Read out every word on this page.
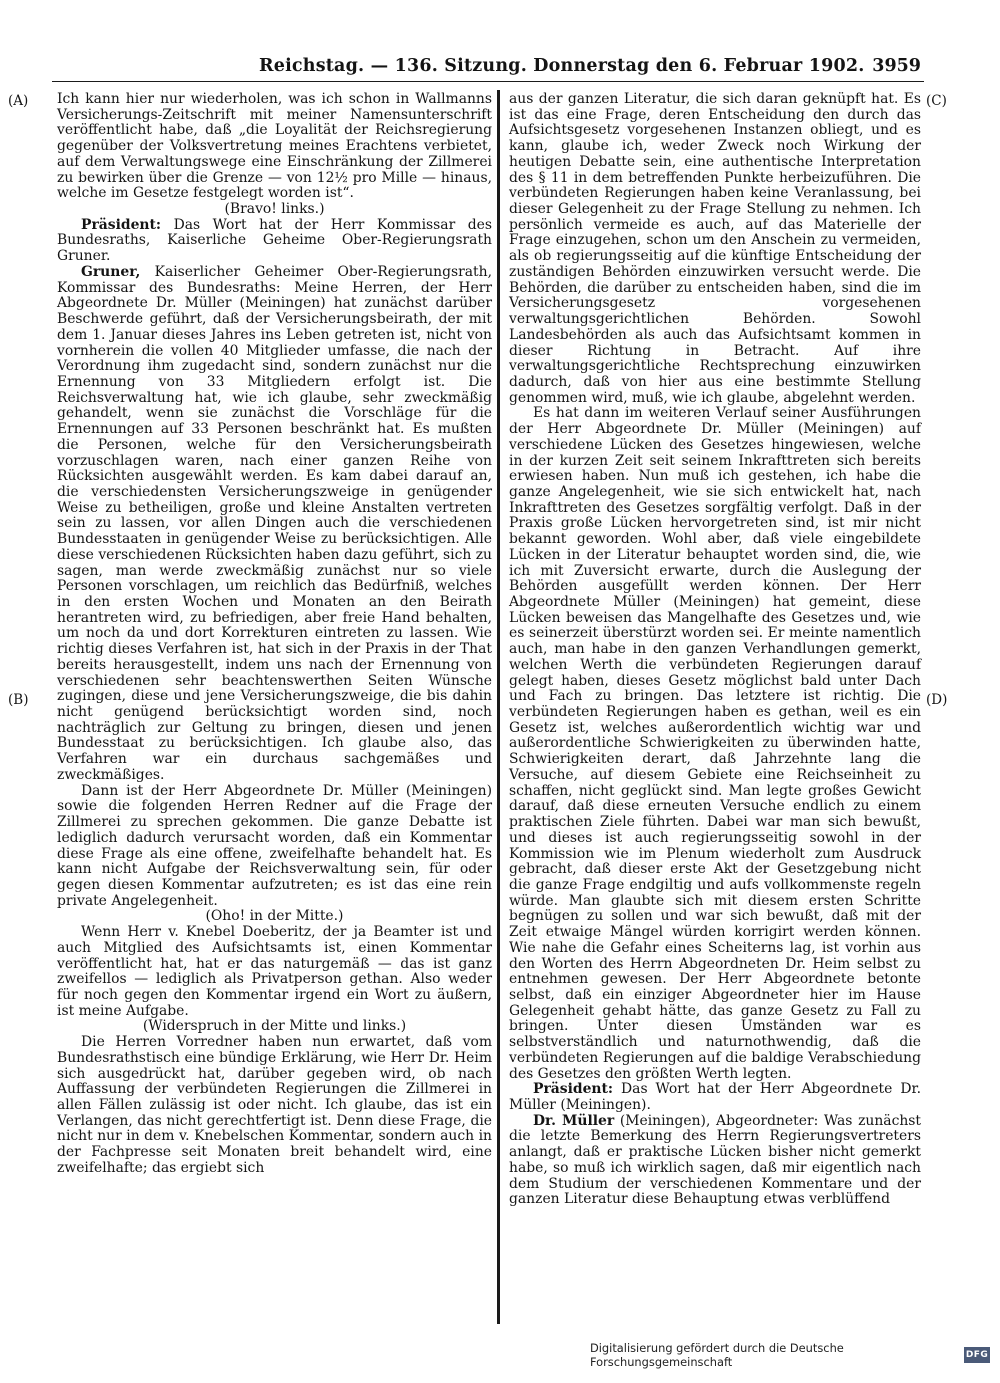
Reichstag. — 136. Sitzung. Donnerstag den 6. Februar 1902. 3959
(A)
(B)
(C)
(D)

Ich kann hier nur wiederholen, was ich schon in Wallmanns Versicherungs-Zeitschrift mit meiner Namensunterschrift veröffentlicht habe, daß „die Loyalität der Reichsregierung gegenüber der Volksvertretung meines Erachtens verbietet, auf dem Verwaltungswege eine Einschränkung der Zillmerei zu bewirken über die Grenze — von 12½ pro Mille — hinaus, welche im Gesetze festgelegt worden ist“.

(Bravo! links.)

Präsident: Das Wort hat der Herr Kommissar des Bundesraths, Kaiserliche Geheime Ober-Regierungsrath Gruner.

Gruner, Kaiserlicher Geheimer Ober-Regierungsrath, Kommissar des Bundesraths: Meine Herren, der Herr Abgeordnete Dr. Müller (Meiningen) hat zunächst darüber Beschwerde geführt, daß der Versicherungsbeirath, der mit dem 1. Januar dieses Jahres ins Leben getreten ist, nicht von vornherein die vollen 40 Mitglieder umfasse, die nach der Verordnung ihm zugedacht sind, sondern zunächst nur die Ernennung von 33 Mitgliedern erfolgt ist. Die Reichsverwaltung hat, wie ich glaube, sehr zweckmäßig gehandelt, wenn sie zunächst die Vorschläge für die Ernennungen auf 33 Personen beschränkt hat. Es mußten die Personen, welche für den Versicherungsbeirath vorzuschlagen waren, nach einer ganzen Reihe von Rücksichten ausgewählt werden. Es kam dabei darauf an, die verschiedensten Versicherungszweige in genügender Weise zu betheiligen, große und kleine Anstalten vertreten sein zu lassen, vor allen Dingen auch die verschiedenen Bundesstaaten in genügender Weise zu berücksichtigen. Alle diese verschiedenen Rücksichten haben dazu geführt, sich zu sagen, man werde zweckmäßig zunächst nur so viele Personen vorschlagen, um reichlich das Bedürfniß, welches in den ersten Wochen und Monaten an den Beirath herantreten wird, zu befriedigen, aber freie Hand behalten, um noch da und dort Korrekturen eintreten zu lassen. Wie richtig dieses Verfahren ist, hat sich in der Praxis in der That bereits herausgestellt, indem uns nach der Ernennung von verschiedenen sehr beachtenswerthen Seiten Wünsche zugingen, diese und jene Versicherungszweige, die bis dahin nicht genügend berücksichtigt worden sind, noch nachträglich zur Geltung zu bringen, diesen und jenen Bundesstaat zu berücksichtigen. Ich glaube also, das Verfahren war ein durchaus sachgemäßes und zweckmäßiges.

Dann ist der Herr Abgeordnete Dr. Müller (Meiningen) sowie die folgenden Herren Redner auf die Frage der Zillmerei zu sprechen gekommen. Die ganze Debatte ist lediglich dadurch verursacht worden, daß ein Kommentar diese Frage als eine offene, zweifelhafte behandelt hat. Es kann nicht Aufgabe der Reichsverwaltung sein, für oder gegen diesen Kommentar aufzutreten; es ist das eine rein private Angelegenheit.

(Oho! in der Mitte.)

Wenn Herr v. Knebel Doeberitz, der ja Beamter ist und auch Mitglied des Aufsichtsamts ist, einen Kommentar veröffentlicht hat, hat er das naturgemäß — das ist ganz zweifellos — lediglich als Privatperson gethan. Also weder für noch gegen den Kommentar irgend ein Wort zu äußern, ist meine Aufgabe.

(Widerspruch in der Mitte und links.)

Die Herren Vorredner haben nun erwartet, daß vom Bundesrathstisch eine bündige Erklärung, wie Herr Dr. Heim sich ausgedrückt hat, darüber gegeben wird, ob nach Auffassung der verbündeten Regierungen die Zillmerei in allen Fällen zulässig ist oder nicht. Ich glaube, das ist ein Verlangen, das nicht gerechtfertigt ist. Denn diese Frage, die nicht nur in dem v. Knebelschen Kommentar, sondern auch in der Fachpresse seit Monaten breit behandelt wird, eine zweifelhafte; das ergiebt sich

aus der ganzen Literatur, die sich daran geknüpft hat. Es ist das eine Frage, deren Entscheidung den durch das Aufsichtsgesetz vorgesehenen Instanzen obliegt, und es kann, glaube ich, weder Zweck noch Wirkung der heutigen Debatte sein, eine authentische Interpretation des § 11 in dem betreffenden Punkte herbeizuführen. Die verbündeten Regierungen haben keine Veranlassung, bei dieser Gelegenheit zu der Frage Stellung zu nehmen. Ich persönlich vermeide es auch, auf das Materielle der Frage einzugehen, schon um den Anschein zu vermeiden, als ob regierungsseitig auf die künftige Entscheidung der zuständigen Behörden einzuwirken versucht werde. Die Behörden, die darüber zu entscheiden haben, sind die im Versicherungsgesetz vorgesehenen verwaltungsgerichtlichen Behörden. Sowohl Landesbehörden als auch das Aufsichtsamt kommen in dieser Richtung in Betracht. Auf ihre verwaltungsgerichtliche Rechtsprechung einzuwirken dadurch, daß von hier aus eine bestimmte Stellung genommen wird, muß, wie ich glaube, abgelehnt werden.

Es hat dann im weiteren Verlauf seiner Ausführungen der Herr Abgeordnete Dr. Müller (Meiningen) auf verschiedene Lücken des Gesetzes hingewiesen, welche in der kurzen Zeit seit seinem Inkrafttreten sich bereits erwiesen haben. Nun muß ich gestehen, ich habe die ganze Angelegenheit, wie sie sich entwickelt hat, nach Inkrafttreten des Gesetzes sorgfältig verfolgt. Daß in der Praxis große Lücken hervorgetreten sind, ist mir nicht bekannt geworden. Wohl aber, daß viele eingebildete Lücken in der Literatur behauptet worden sind, die, wie ich mit Zuversicht erwarte, durch die Auslegung der Behörden ausgefüllt werden können. Der Herr Abgeordnete Müller (Meiningen) hat gemeint, diese Lücken beweisen das Mangelhafte des Gesetzes und, wie es seinerzeit überstürzt worden sei. Er meinte namentlich auch, man habe in den ganzen Verhandlungen gemerkt, welchen Werth die verbündeten Regierungen darauf gelegt haben, dieses Gesetz möglichst bald unter Dach und Fach zu bringen. Das letztere ist richtig. Die verbündeten Regierungen haben es gethan, weil es ein Gesetz ist, welches außerordentlich wichtig war und außerordentliche Schwierigkeiten zu überwinden hatte, Schwierigkeiten derart, daß Jahrzehnte lang die Versuche, auf diesem Gebiete eine Reichseinheit zu schaffen, nicht geglückt sind. Man legte großes Gewicht darauf, daß diese erneuten Versuche endlich zu einem praktischen Ziele führten. Dabei war man sich bewußt, und dieses ist auch regierungsseitig sowohl in der Kommission wie im Plenum wiederholt zum Ausdruck gebracht, daß dieser erste Akt der Gesetzgebung nicht die ganze Frage endgiltig und aufs vollkommenste regeln würde. Man glaubte sich mit diesem ersten Schritte begnügen zu sollen und war sich bewußt, daß mit der Zeit etwaige Mängel würden korrigirt werden können. Wie nahe die Gefahr eines Scheiterns lag, ist vorhin aus den Worten des Herrn Abgeordneten Dr. Heim selbst zu entnehmen gewesen. Der Herr Abgeordnete betonte selbst, daß ein einziger Abgeordneter hier im Hause Gelegenheit gehabt hätte, das ganze Gesetz zu Fall zu bringen. Unter diesen Umständen war es selbstverständlich und naturnothwendig, daß die verbündeten Regierungen auf die baldige Verabschiedung des Gesetzes den größten Werth legten.

Präsident: Das Wort hat der Herr Abgeordnete Dr. Müller (Meiningen).

Dr. Müller (Meiningen), Abgeordneter: Was zunächst die letzte Bemerkung des Herrn Regierungsvertreters anlangt, daß er praktische Lücken bisher nicht gemerkt habe, so muß ich wirklich sagen, daß mir eigentlich nach dem Studium der verschiedenen Kommentare und der ganzen Literatur diese Behauptung etwas verblüffend

Digitalisierung gefördert durch die Deutsche Forschungsgemeinschaft	DFG
